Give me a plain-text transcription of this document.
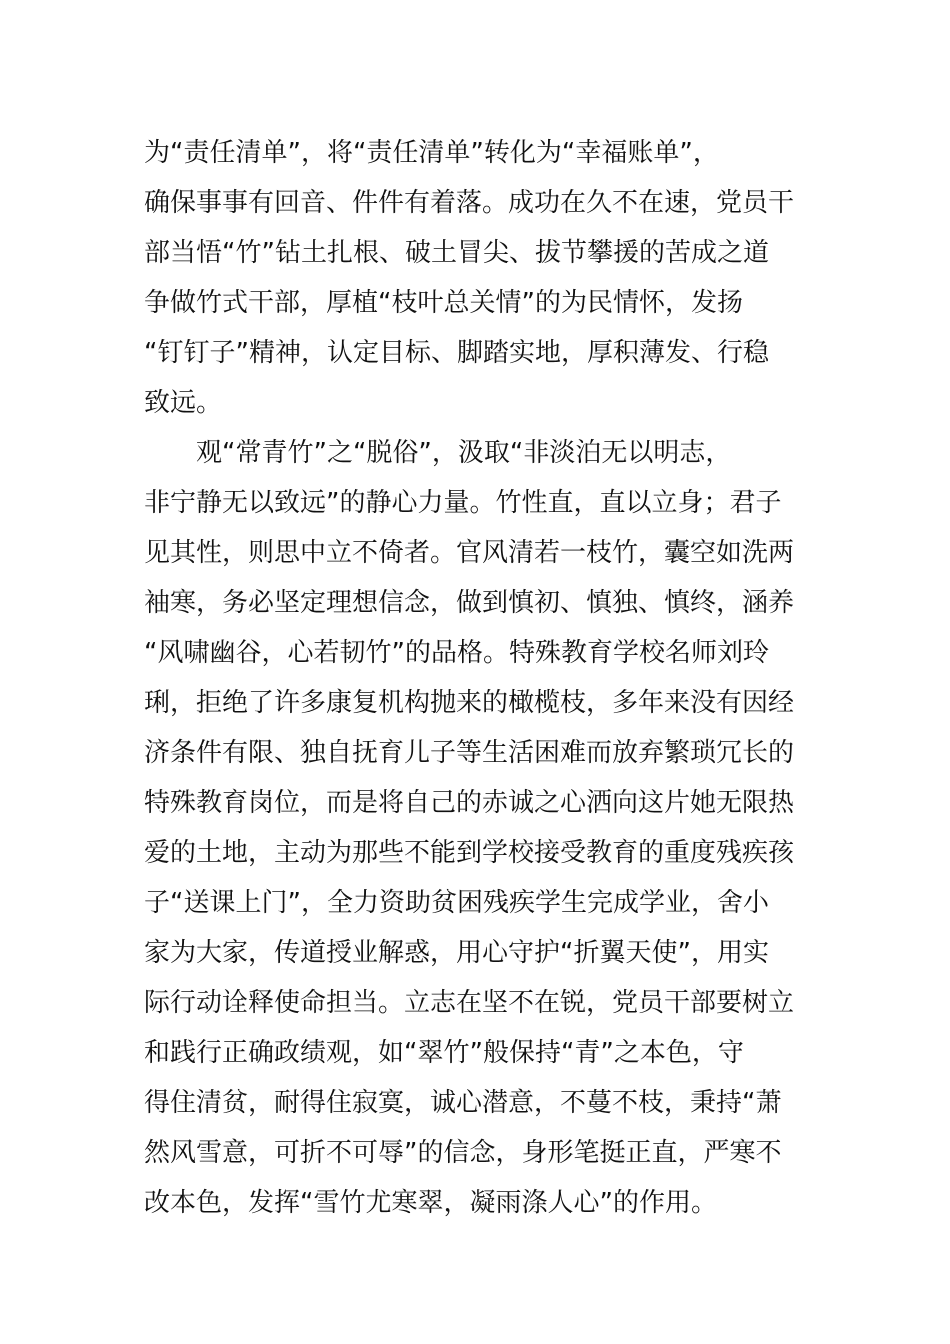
为“责任清单”，将“责任清单”转化为“幸福账单”，
确保事事有回音、件件有着落。成功在久不在速，党员干
部当悟“竹”钻土扎根、破土冒尖、拔节攀援的苦成之道
争做竹式干部，厚植“枝叶总关情”的为民情怀，发扬
“钉钉子”精神，认定目标、脚踏实地，厚积薄发、行稳
致远。
　　观“常青竹”之“脱俗”，汲取“非淡泊无以明志，
非宁静无以致远”的静心力量。竹性直，直以立身；君子
见其性，则思中立不倚者。官风清若一枝竹，囊空如洗两
袖寒，务必坚定理想信念，做到慎初、慎独、慎终，涵养
“风啸幽谷，心若韧竹”的品格。特殊教育学校名师刘玲
琍，拒绝了许多康复机构抛来的橄榄枝，多年来没有因经
济条件有限、独自抚育儿子等生活困难而放弃繁琐冗长的
特殊教育岗位，而是将自己的赤诚之心洒向这片她无限热
爱的土地，主动为那些不能到学校接受教育的重度残疾孩
子“送课上门”，全力资助贫困残疾学生完成学业，舍小
家为大家，传道授业解惑，用心守护“折翼天使”，用实
际行动诠释使命担当。立志在坚不在锐，党员干部要树立
和践行正确政绩观，如“翠竹”般保持“青”之本色，守
得住清贫，耐得住寂寞，诚心潜意，不蔓不枝，秉持“萧
然风雪意，可折不可辱”的信念，身形笔挺正直，严寒不
改本色，发挥“雪竹尤寒翠，凝雨涤人心”的作用。
